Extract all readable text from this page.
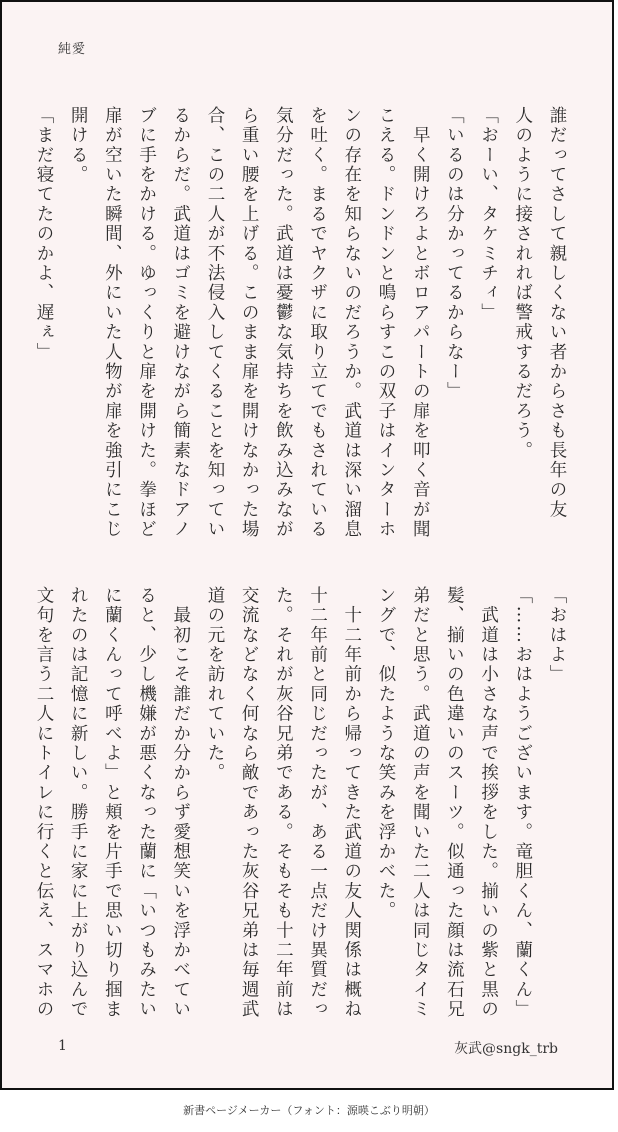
純愛
誰だってさして親しくない者からさも長年の友
人のように接されれば警戒するだろう。
「おーい、タケミチィ」
「いるのは分かってるからなー」
　早く開けろよとボロアパートの扉を叩く音が聞
こえる。ドンドンと鳴らすこの双子はインターホ
ンの存在を知らないのだろうか。武道は深い溜息
を吐く。まるでヤクザに取り立てでもされている
気分だった。武道は憂鬱な気持ちを飲み込みなが
ら重い腰を上げる。このまま扉を開けなかった場
合、この二人が不法侵入してくることを知ってい
るからだ。武道はゴミを避けながら簡素なドアノ
ブに手をかける。ゆっくりと扉を開けた。拳ほど
扉が空いた瞬間、外にいた人物が扉を強引にこじ
開ける。
「まだ寝てたのかよ、遅ぇ」
「おはよ」
「……おはようございます。竜胆くん、蘭くん」
　武道は小さな声で挨拶をした。揃いの紫と黒の
髪、揃いの色違いのスーツ。似通った顔は流石兄
弟だと思う。武道の声を聞いた二人は同じタイミ
ングで、似たような笑みを浮かべた。
　十二年前から帰ってきた武道の友人関係は概ね
十二年前と同じだったが、ある一点だけ異質だっ
た。それが灰谷兄弟である。そもそも十二年前は
交流などなく何なら敵であった灰谷兄弟は毎週武
道の元を訪れていた。
　最初こそ誰だか分からず愛想笑いを浮かべてい
ると、少し機嫌が悪くなった蘭に「いつもみたい
に蘭くんって呼べよ」と頬を片手で思い切り掴ま
れたのは記憶に新しい。勝手に家に上がり込んで
文句を言う二人にトイレに行くと伝え、スマホの
1	灰武@sngk_trb
新書ページメーカー（フォント：源暎こぶり明朝）
